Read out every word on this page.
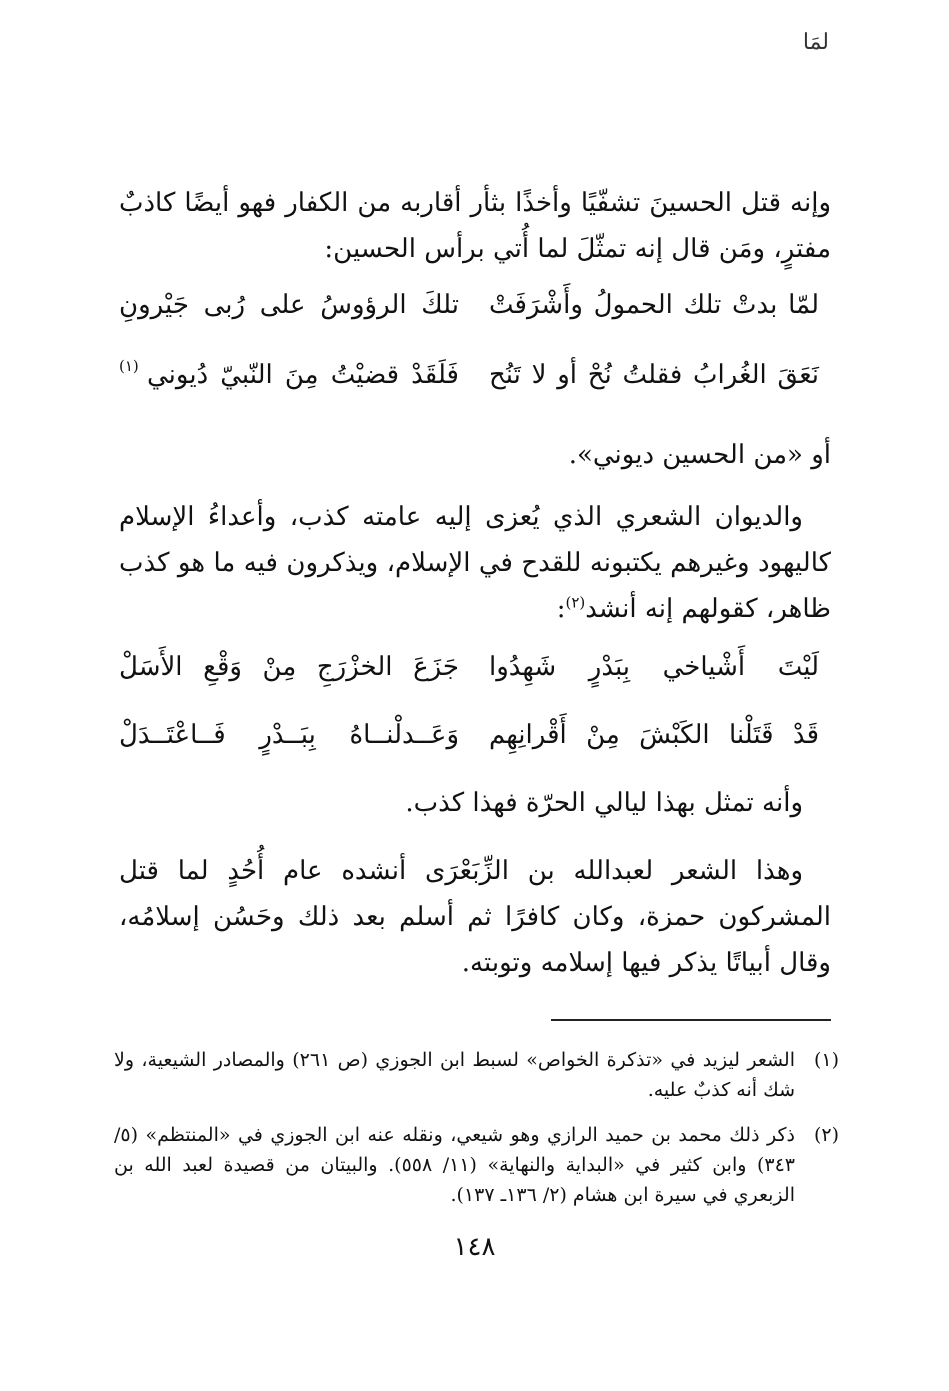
لمَا

وإنه قتل الحسينَ تشفّيًا وأخذًا بثأر أقاربه من الكفار فهو أيضًا كاذبٌ مفترٍ، ومَن قال إنه تمثّلَ لما أُتي برأس الحسين:

لمّا بدتْ تلك الحمولُ وأَشْرَفَتْ
تلكَ الرؤوسُ على رُبى جَيْرونِ
نَعَقَ الغُرابُ فقلتُ نُحْ أو لا تَنُح
فَلَقَدْ قضيْتُ مِنَ النّبيّ دُيوني
(١)

أو «من الحسين ديوني».

والديوان الشعري الذي يُعزى إليه عامته كذب، وأعداءُ الإسلام كاليهود وغيرهم يكتبونه للقدح في الإسلام، ويذكرون فيه ما هو كذب ظاهر، كقولهم إنه أنشد$^{(٢)}$:

لَيْتَ أَشْياخي بِبَدْرٍ شَهِدُوا
جَزَعَ الخزْرَجِ مِنْ وَقْعِ الأَسَلْ
قَدْ قَتَلْنا الكَبْشَ مِنْ أَقْرانِهِم
وَعَــدلْنــاهُ بِبَــدْرٍ فَــاعْتَــدَلْ

وأنه تمثل بهذا ليالي الحرّة فهذا كذب.

وهذا الشعر لعبدالله بن الزِّبَعْرَى أنشده عام أُحُدٍ لما قتل المشركون حمزة، وكان كافرًا ثم أسلم بعد ذلك وحَسُن إسلامُه، وقال أبياتًا يذكر فيها إسلامه وتوبته.

(١)
الشعر ليزيد في «تذكرة الخواص» لسبط ابن الجوزي (ص ٢٦١) والمصادر الشيعية، ولا شك أنه كذبٌ عليه.
(٢)
ذكر ذلك محمد بن حميد الرازي وهو شيعي، ونقله عنه ابن الجوزي في «المنتظم» (٥/ ٣٤٣) وابن كثير في «البداية والنهاية» (١١/ ٥٥٨). والبيتان من قصيدة لعبد الله بن الزبعري في سيرة ابن هشام (٢/ ١٣٦ـ ١٣٧).
١٤٨
